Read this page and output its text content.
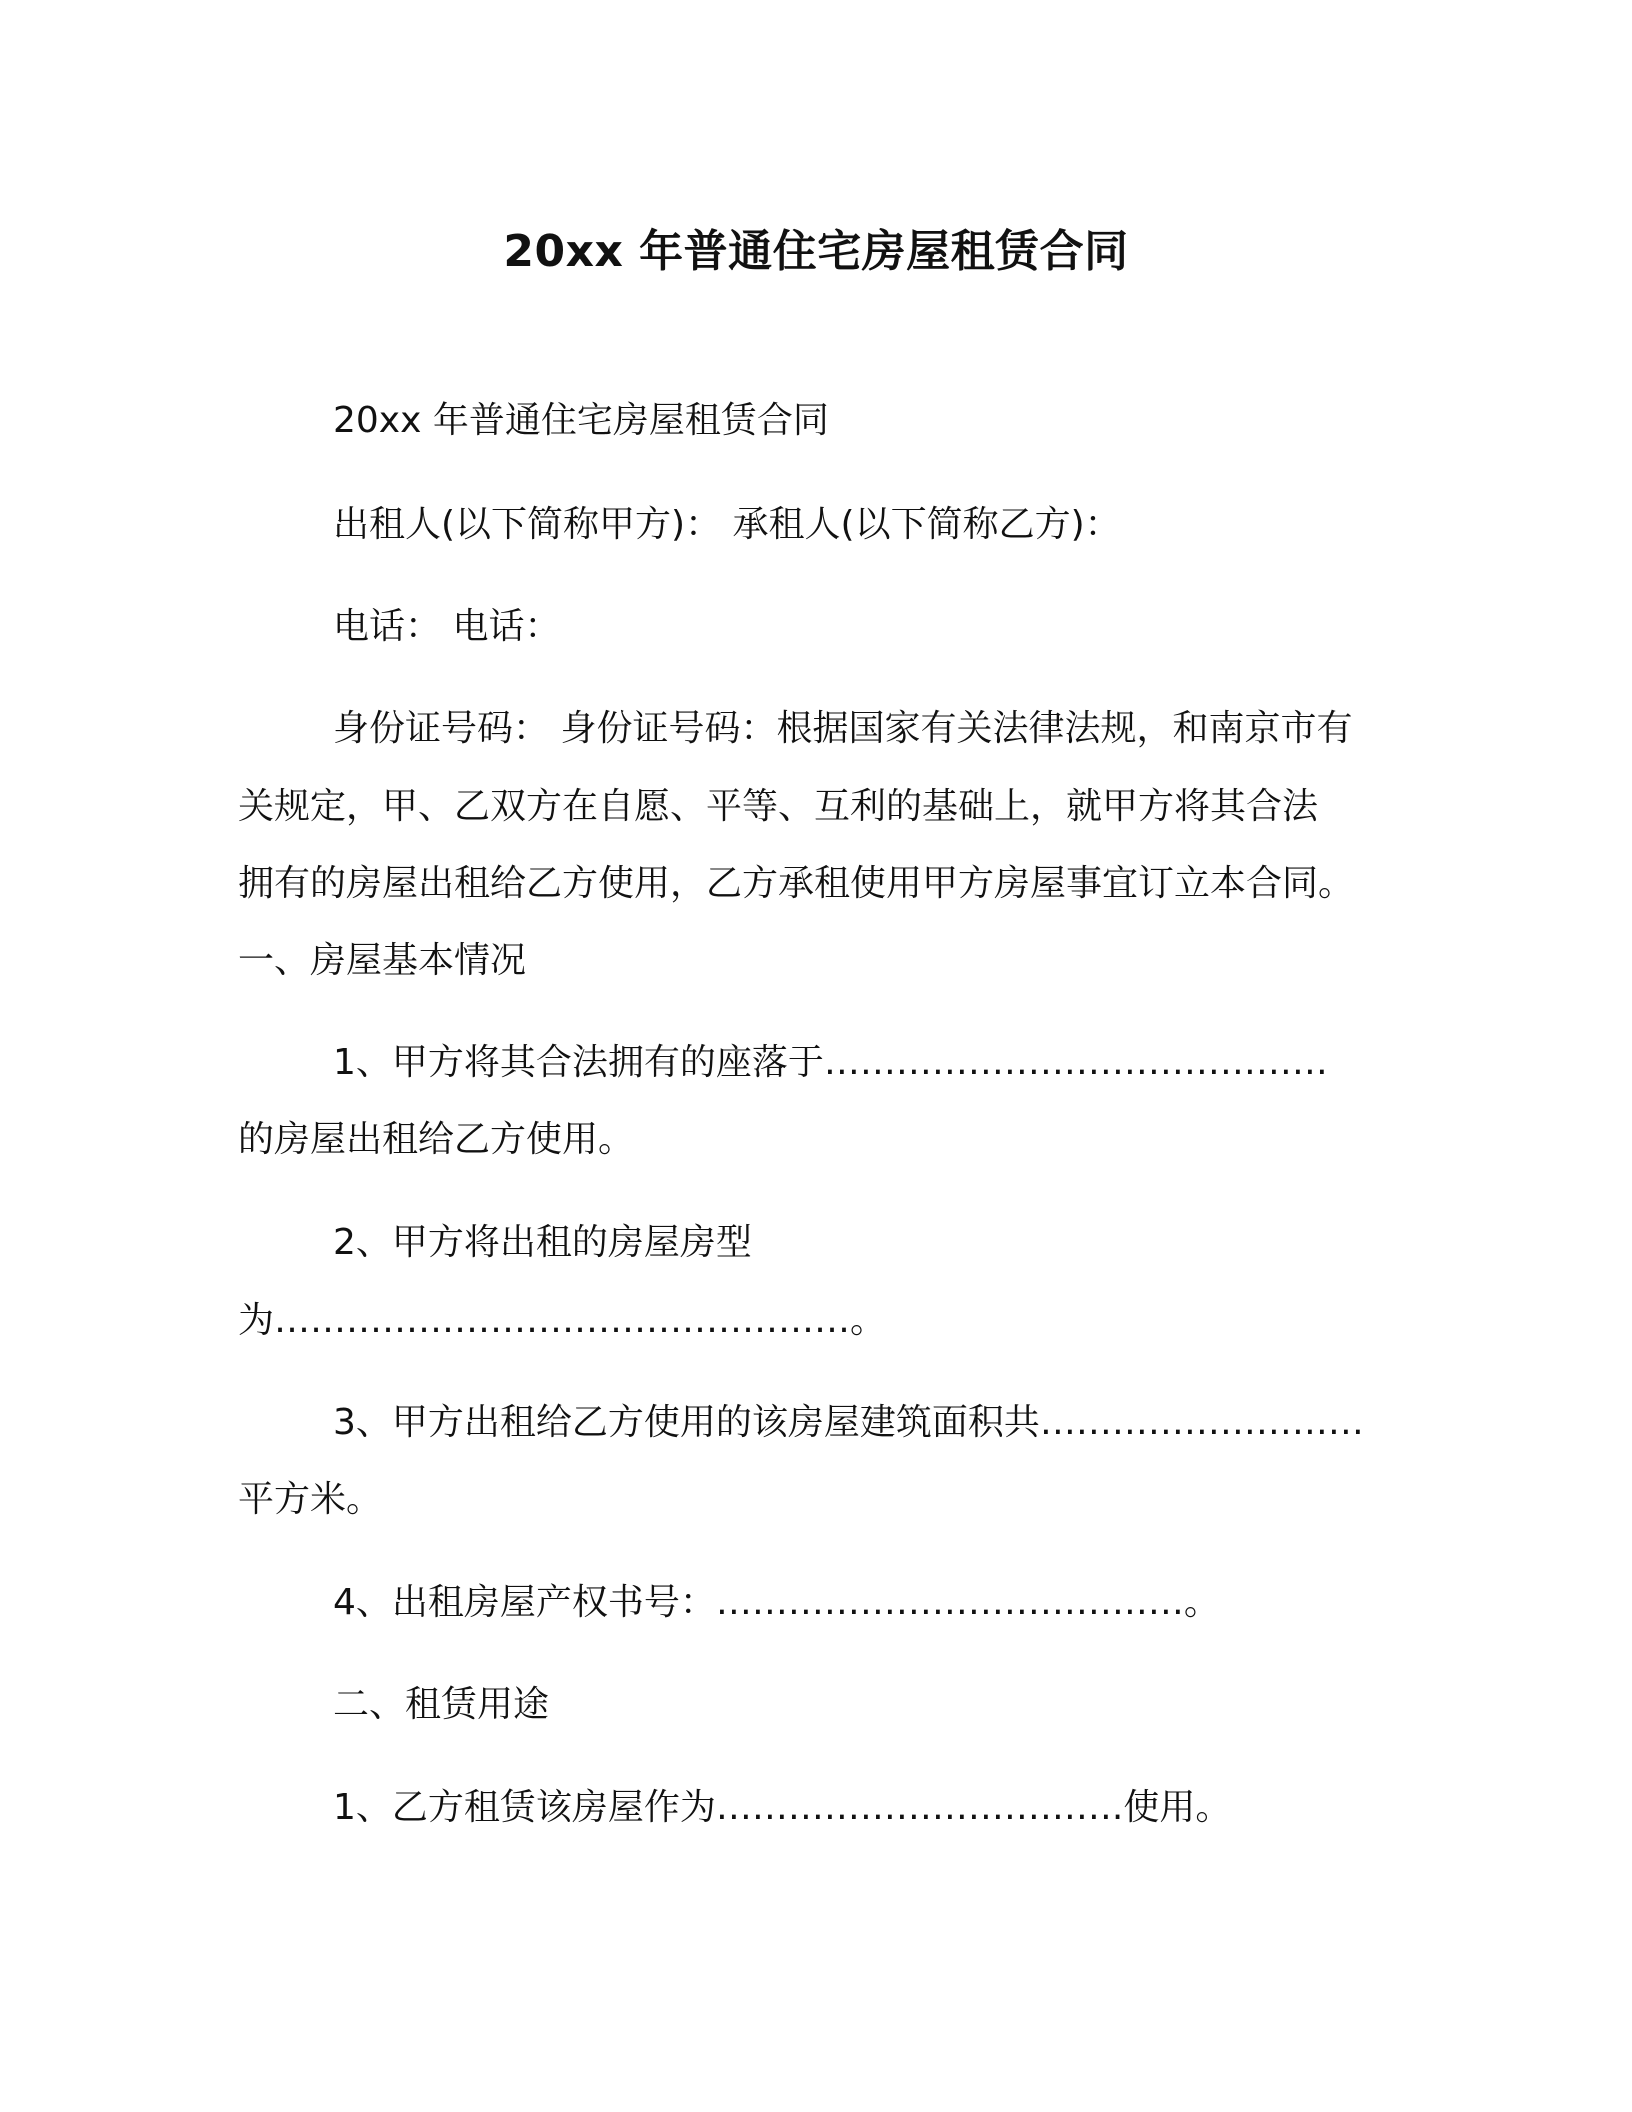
20xx 年普通住宅房屋租赁合同
20xx 年普通住宅房屋租赁合同
出租人(以下简称甲方)： 承租人(以下简称乙方)：
电话： 电话：
身份证号码： 身份证号码：根据国家有关法律法规，和南京市有
关规定，甲、乙双方在自愿、平等、互利的基础上，就甲方将其合法
拥有的房屋出租给乙方使用，乙方承租使用甲方房屋事宜订立本合同。
一、房屋基本情况
1、甲方将其合法拥有的座落于……………………………………
的房屋出租给乙方使用。
2、甲方将出租的房屋房型
为…………………………………………。
3、甲方出租给乙方使用的该房屋建筑面积共………………………
平方米。
4、出租房屋产权书号：…………………………………。
二、租赁用途
1、乙方租赁该房屋作为…………………………….使用。
